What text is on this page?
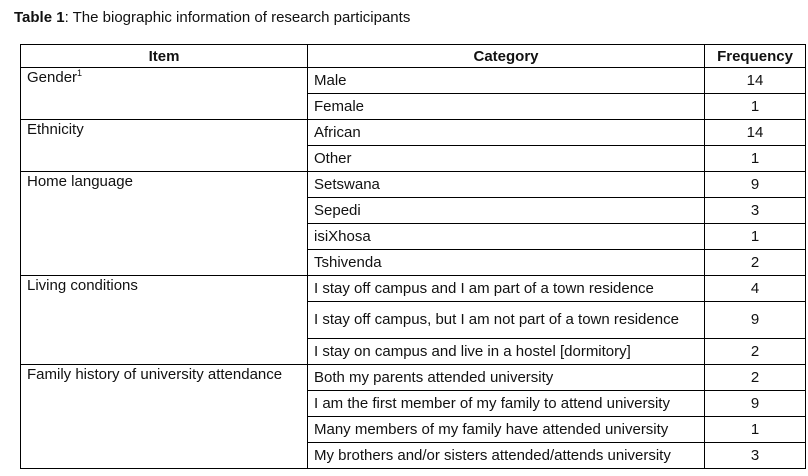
Table 1: The biographic information of research participants
Item	Category	Frequency
Gender$^1$	Male	14
	Female	1
Ethnicity	African	14
	Other	1
Home language	Setswana	9
	Sepedi	3
	isiXhosa	1
	Tshivenda	2
Living conditions	I stay off campus and I am part of a town residence	4
	I stay off campus, but I am not part of a town residence	9
	I stay on campus and live in a hostel [dormitory]	2
Family history of university attendance	Both my parents attended university	2
	I am the first member of my family to attend university	9
	Many members of my family have attended university	1
	My brothers and/or sisters attended/attends university	3
